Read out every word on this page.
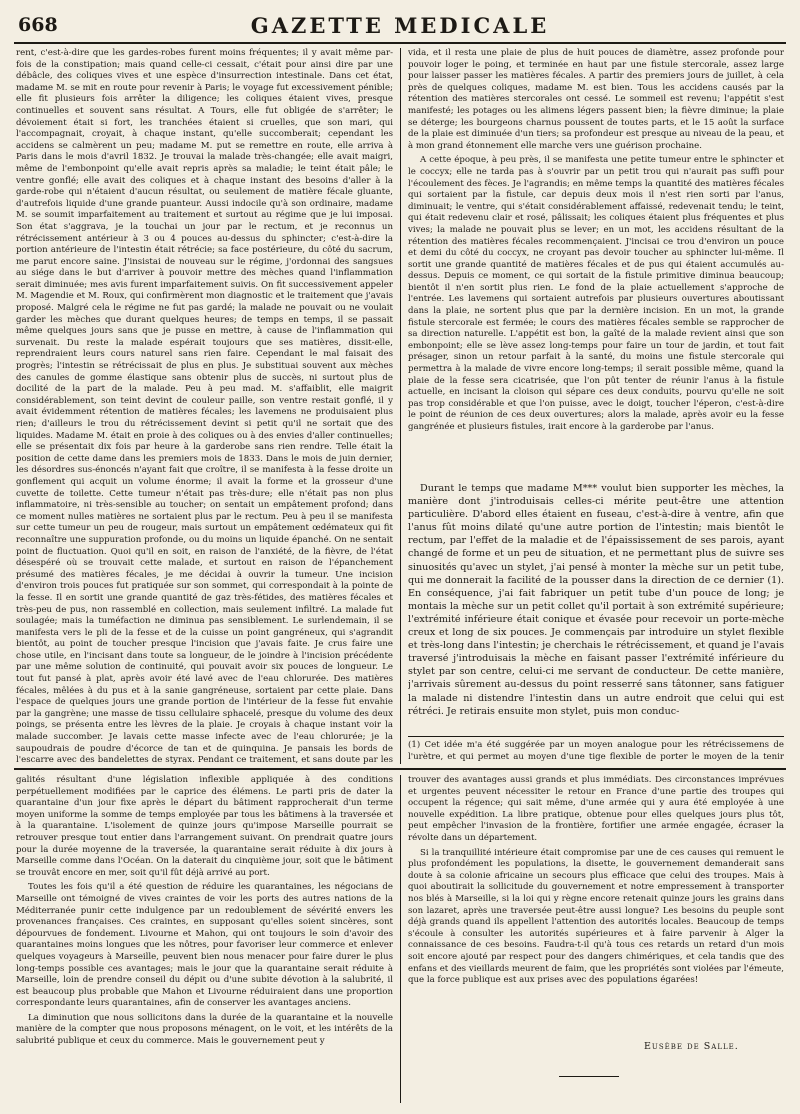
668	GAZETTE MEDICALE

rent, c'est-à-dire que les gardes-robes furent moins fréquentes; il y avait même par-fois de la constipation; mais quand celle-ci cessait, c'était pour ainsi dire par une débâcle, des coliques vives et une espèce d'insurrection intestinale. Dans cet état, madame M. se mit en route pour revenir à Paris; le voyage fut excessivement pénible; elle fit plusieurs fois arrêter la diligence; les coliques étaient vives, presque continuelles et souvent sans résultat. A Tours, elle fut obligée de s'arrêter; le dévoiement était si fort, les tranchées étaient si cruelles, que son mari, qui l'accompagnait, croyait, à chaque instant, qu'elle succomberait; cependant les accidens se calmèrent un peu; madame M. put se remettre en route, elle arriva à Paris dans le mois d'avril 1832. Je trouvai la malade très-changée; elle avait maigri, même de l'embonpoint qu'elle avait repris après sa maladie; le teint était pâle; le ventre gonflé; elle avait des coliques et à chaque instant des besoins d'aller à la garde-robe qui n'étaient d'aucun résultat, ou seulement de matière fécale gluante, d'autrefois liquide d'une grande puanteur. Aussi indocile qu'à son ordinaire, madame M. se soumit imparfaitement au traitement et surtout au régime que je lui imposai. Son état s'aggrava, je la touchai un jour par le rectum, et je reconnus un rétrécissement antérieur à 3 ou 4 pouces au-dessus du sphincter; c'est-à-dire la portion antérieure de l'intestin était rétrécie; sa face postérieure, du côté du sacrum, me parut encore saine. J'insistai de nouveau sur le régime, j'ordonnai des sangsues au siége dans le but d'arriver à pouvoir mettre des mèches quand l'inflammation serait diminuée; mes avis furent imparfaitement suivis. On fit successivement appeler M. Magendie et M. Roux, qui confirmèrent mon diagnostic et le traitement que j'avais proposé. Malgré cela le régime ne fut pas gardé; la malade ne pouvait ou ne voulait garder les mèches que durant quelques heures; de temps en temps, il se passait même quelques jours sans que je pusse en mettre, à cause de l'inflammation qui survenait. Du reste la malade espérait toujours que ses matières, dissit-elle, reprendraient leurs cours naturel sans rien faire. Cependant le mal faisait des progrès; l'intestin se rétrécissait de plus en plus. Je substituai souvent aux mèches des canules de gomme élastique sans obtenir plus de succès, ni surtout plus de docilité de la part de la malade. Peu à peu mad. M. s'affaiblit, elle maigrit considérablement, son teint devint de couleur paille, son ventre restait gonflé, il y avait évidemment rétention de matières fécales; les lavemens ne produisaient plus rien; d'ailleurs le trou du rétrécissement devint si petit qu'il ne sortait que des liquides. Madame M. était en proie à des coliques ou à des envies d'aller continuelles; elle se présentait dix fois par heure à la garderobe sans rien rendre. Telle était la position de cette dame dans les premiers mois de 1833. Dans le mois de juin dernier, les désordres sus-énoncés n'ayant fait que croître, il se manifesta à la fesse droite un gonflement qui acquit un volume énorme; il avait la forme et la grosseur d'une cuvette de toilette. Cette tumeur n'était pas très-dure; elle n'était pas non plus inflammatoire, ni très-sensible au toucher; on sentait un empâtement profond; dans ce moment nulles matières ne sortaient plus par le rectum. Peu à peu il se manifesta sur cette tumeur un peu de rougeur, mais surtout un empâtement œdémateux qui fit reconnaître une suppuration profonde, ou du moins un liquide épanché. On ne sentait point de fluctuation. Quoi qu'il en soit, en raison de l'anxiété, de la fièvre, de l'état désespéré où se trouvait cette malade, et surtout en raison de l'épanchement présumé des matières fécales, je me décidai à ouvrir la tumeur. Une incision d'environ trois pouces fut pratiquée sur son sommet, qui correspondait à la pointe de la fesse. Il en sortit une grande quantité de gaz très-fétides, des matières fécales et très-peu de pus, non rassemblé en collection, mais seulement infiltré. La malade fut soulagée; mais la tuméfaction ne diminua pas sensiblement. Le surlendemain, il se manifesta vers le pli de la fesse et de la cuisse un point gangréneux, qui s'agrandit bientôt, au point de toucher presque l'incision que j'avais faite. Je crus faire une chose utile, en l'incisant dans toute sa longueur, de le joindre à l'incision précédente par une même solution de continuité, qui pouvait avoir six pouces de longueur. Le tout fut pansé à plat, après avoir été lavé avec de l'eau chlorurée. Des matières fécales, mêlées à du pus et à la sanie gangréneuse, sortaient par cette plaie. Dans l'espace de quelques jours une grande portion de l'intérieur de la fesse fut envahie par la gangrène; une masse de tissu cellulaire sphacelé, presque du volume des deux poings, se présenta entre les lèvres de la plaie. Je croyais à chaque instant voir la malade succomber. Je lavais cette masse infecte avec de l'eau chlorurée; je la saupoudrais de poudre d'écorce de tan et de quinquina. Je pansais les bords de l'escarre avec des bandelettes de styrax. Pendant ce traitement, et sans doute par les

vida, et il resta une plaie de plus de huit pouces de diamètre, assez profonde pour pouvoir loger le poing, et terminée en haut par une fistule stercorale, assez large pour laisser passer les matières fécales. A partir des premiers jours de juillet, à cela près de quelques coliques, madame M. est bien. Tous les accidens causés par la rétention des matières stercorales ont cessé. Le sommeil est revenu; l'appétit s'est manifesté; les potages ou les alimens légers passent bien; la fièvre diminue; la plaie se déterge; les bourgeons charnus poussent de toutes parts, et le 15 août la surface de la plaie est diminuée d'un tiers; sa profondeur est presque au niveau de la peau, et à mon grand étonnement elle marche vers une guérison prochaine.

A cette époque, à peu près, il se manifesta une petite tumeur entre le sphincter et le coccyx; elle ne tarda pas à s'ouvrir par un petit trou qui n'aurait pas suffi pour l'écoulement des fèces. Je l'agrandis; en même temps la quantité des matières fécales qui sortaient par la fistule, car depuis deux mois il n'est rien sorti par l'anus, diminuait; le ventre, qui s'était considérablement affaissé, redevenait tendu; le teint, qui était redevenu clair et rosé, pâlissait; les coliques étaient plus fréquentes et plus vives; la malade ne pouvait plus se lever; en un mot, les accidens résultant de la rétention des matières fécales recommençaient. J'incisai ce trou d'environ un pouce et demi du côté du coccyx, ne croyant pas devoir toucher au sphincter lui-même. Il sortit une grande quantité de matières fécales et de pus qui étaient accumulés au-dessus. Depuis ce moment, ce qui sortait de la fistule primitive diminua beaucoup; bientôt il n'en sortit plus rien. Le fond de la plaie actuellement s'approche de l'entrée. Les lavemens qui sortaient autrefois par plusieurs ouvertures aboutissant dans la plaie, ne sortent plus que par la dernière incision. En un mot, la grande fistule stercorale est fermée; le cours des matières fécales semble se rapprocher de sa direction naturelle. L'appétit est bon, la gaîté de la malade revient ainsi que son embonpoint; elle se lève assez long-temps pour faire un tour de jardin, et tout fait présager, sinon un retour parfait à la santé, du moins une fistule stercorale qui permettra à la malade de vivre encore long-temps; il serait possible même, quand la plaie de la fesse sera cicatrisée, que l'on pût tenter de réunir l'anus à la fistule actuelle, en incisant la cloison qui sépare ces deux conduits, pourvu qu'elle ne soit pas trop considérable et que l'on puisse, avec le doigt, toucher l'éperon, c'est-à-dire le point de réunion de ces deux ouvertures; alors la malade, après avoir eu la fesse gangrénée et plusieurs fistules, irait encore à la garderobe par l'anus.

Durant le temps que madame M*** voulut bien supporter les mèches, la manière dont j'introduisais celles-ci mérite peut-être une attention particulière. D'abord elles étaient en fuseau, c'est-à-dire à ventre, afin que l'anus fût moins dilaté qu'une autre portion de l'intestin; mais bientôt le rectum, par l'effet de la maladie et de l'épaississement de ses parois, ayant changé de forme et un peu de situation, et ne permettant plus de suivre ses sinuosités qu'avec un stylet, j'ai pensé à monter la mèche sur un petit tube, qui me donnerait la facilité de la pousser dans la direction de ce dernier (1). En conséquence, j'ai fait fabriquer un petit tube d'un pouce de long; je montais la mèche sur un petit collet qu'il portait à son extrémité supérieure; l'extrémité inférieure était conique et évasée pour recevoir un porte-mèche creux et long de six pouces. Je commençais par introduire un stylet flexible et très-long dans l'intestin; je cherchais le rétrécissement, et quand je l'avais traversé j'introduisais la mèche en faisant passer l'extrémité inférieure du stylet par son centre, celui-ci me servant de conducteur. De cette manière, j'arrivais sûrement au-dessus du point resserré sans tâtonner, sans fatiguer la malade ni distendre l'intestin dans un autre endroit que celui qui est rétréci. Je retirais ensuite mon stylet, puis mon conduc-

(1) Cet idée m'a été suggérée par un moyen analogue pour les rétrécissemens de l'urètre, et qui permet au moyen d'une tige flexible de porter le moyen de la tenir

galités résultant d'une législation inflexible appliquée à des conditions perpétuellement modifiées par le caprice des élémens. Le parti pris de dater la quarantaine d'un jour fixe après le départ du bâtiment rapprocherait d'un terme moyen uniforme la somme de temps employée par tous les bâtimens à la traversée et à la quarantaine. L'isolement de quinze jours qu'impose Marseille pourrait se retrouver presque tout entier dans l'arrangement suivant. On prendrait quatre jours pour la durée moyenne de la traversée, la quarantaine serait réduite à dix jours à Marseille comme dans l'Océan. On la daterait du cinquième jour, soit que le bâtiment se trouvât encore en mer, soit qu'il fût déjà arrivé au port.

Toutes les fois qu'il a été question de réduire les quarantaines, les négocians de Marseille ont témoigné de vives craintes de voir les ports des autres nations de la Méditerranée punir cette indulgence par un redoublement de sévérité envers les provenances françaises. Ces craintes, en supposant qu'elles soient sincères, sont dépourvues de fondement. Livourne et Mahon, qui ont toujours le soin d'avoir des quarantaines moins longues que les nôtres, pour favoriser leur commerce et enlever quelques voyageurs à Marseille, peuvent bien nous menacer pour faire durer le plus long-temps possible ces avantages; mais le jour que la quarantaine serait réduite à Marseille, loin de prendre conseil du dépit ou d'une subite dévotion à la salubrité, il est beaucoup plus probable que Mahon et Livourne réduiraient dans une proportion correspondante leurs quarantaines, afin de conserver les avantages anciens.

La diminution que nous sollicitons dans la durée de la quarantaine et la nouvelle manière de la compter que nous proposons ménagent, on le voit, et les intérêts de la salubrité publique et ceux du commerce. Mais le gouvernement peut y

trouver des avantages aussi grands et plus immédiats. Des circonstances imprévues et urgentes peuvent nécessiter le retour en France d'une partie des troupes qui occupent la régence; qui sait même, d'une armée qui y aura été employée à une nouvelle expédition. La libre pratique, obtenue pour elles quelques jours plus tôt, peut empêcher l'invasion de la frontière, fortifier une armée engagée, écraser la révolte dans un département.

Si la tranquillité intérieure était compromise par une de ces causes qui remuent le plus profondément les populations, la disette, le gouvernement demanderait sans doute à sa colonie africaine un secours plus efficace que celui des troupes. Mais à quoi aboutirait la sollicitude du gouvernement et notre empressement à transporter nos blés à Marseille, si la loi qui y règne encore retenait quinze jours les grains dans son lazaret, après une traversée peut-être aussi longue? Les besoins du peuple sont déjà grands quand ils appellent l'attention des autorités locales. Beaucoup de temps s'écoule à consulter les autorités supérieures et à faire parvenir à Alger la connaissance de ces besoins. Faudra-t-il qu'à tous ces retards un retard d'un mois soit encore ajouté par respect pour des dangers chimériques, et cela tandis que des enfans et des vieillards meurent de faim, que les propriétés sont violées par l'émeute, que la force publique est aux prises avec des populations égarées!

Eusèbe de Salle.
